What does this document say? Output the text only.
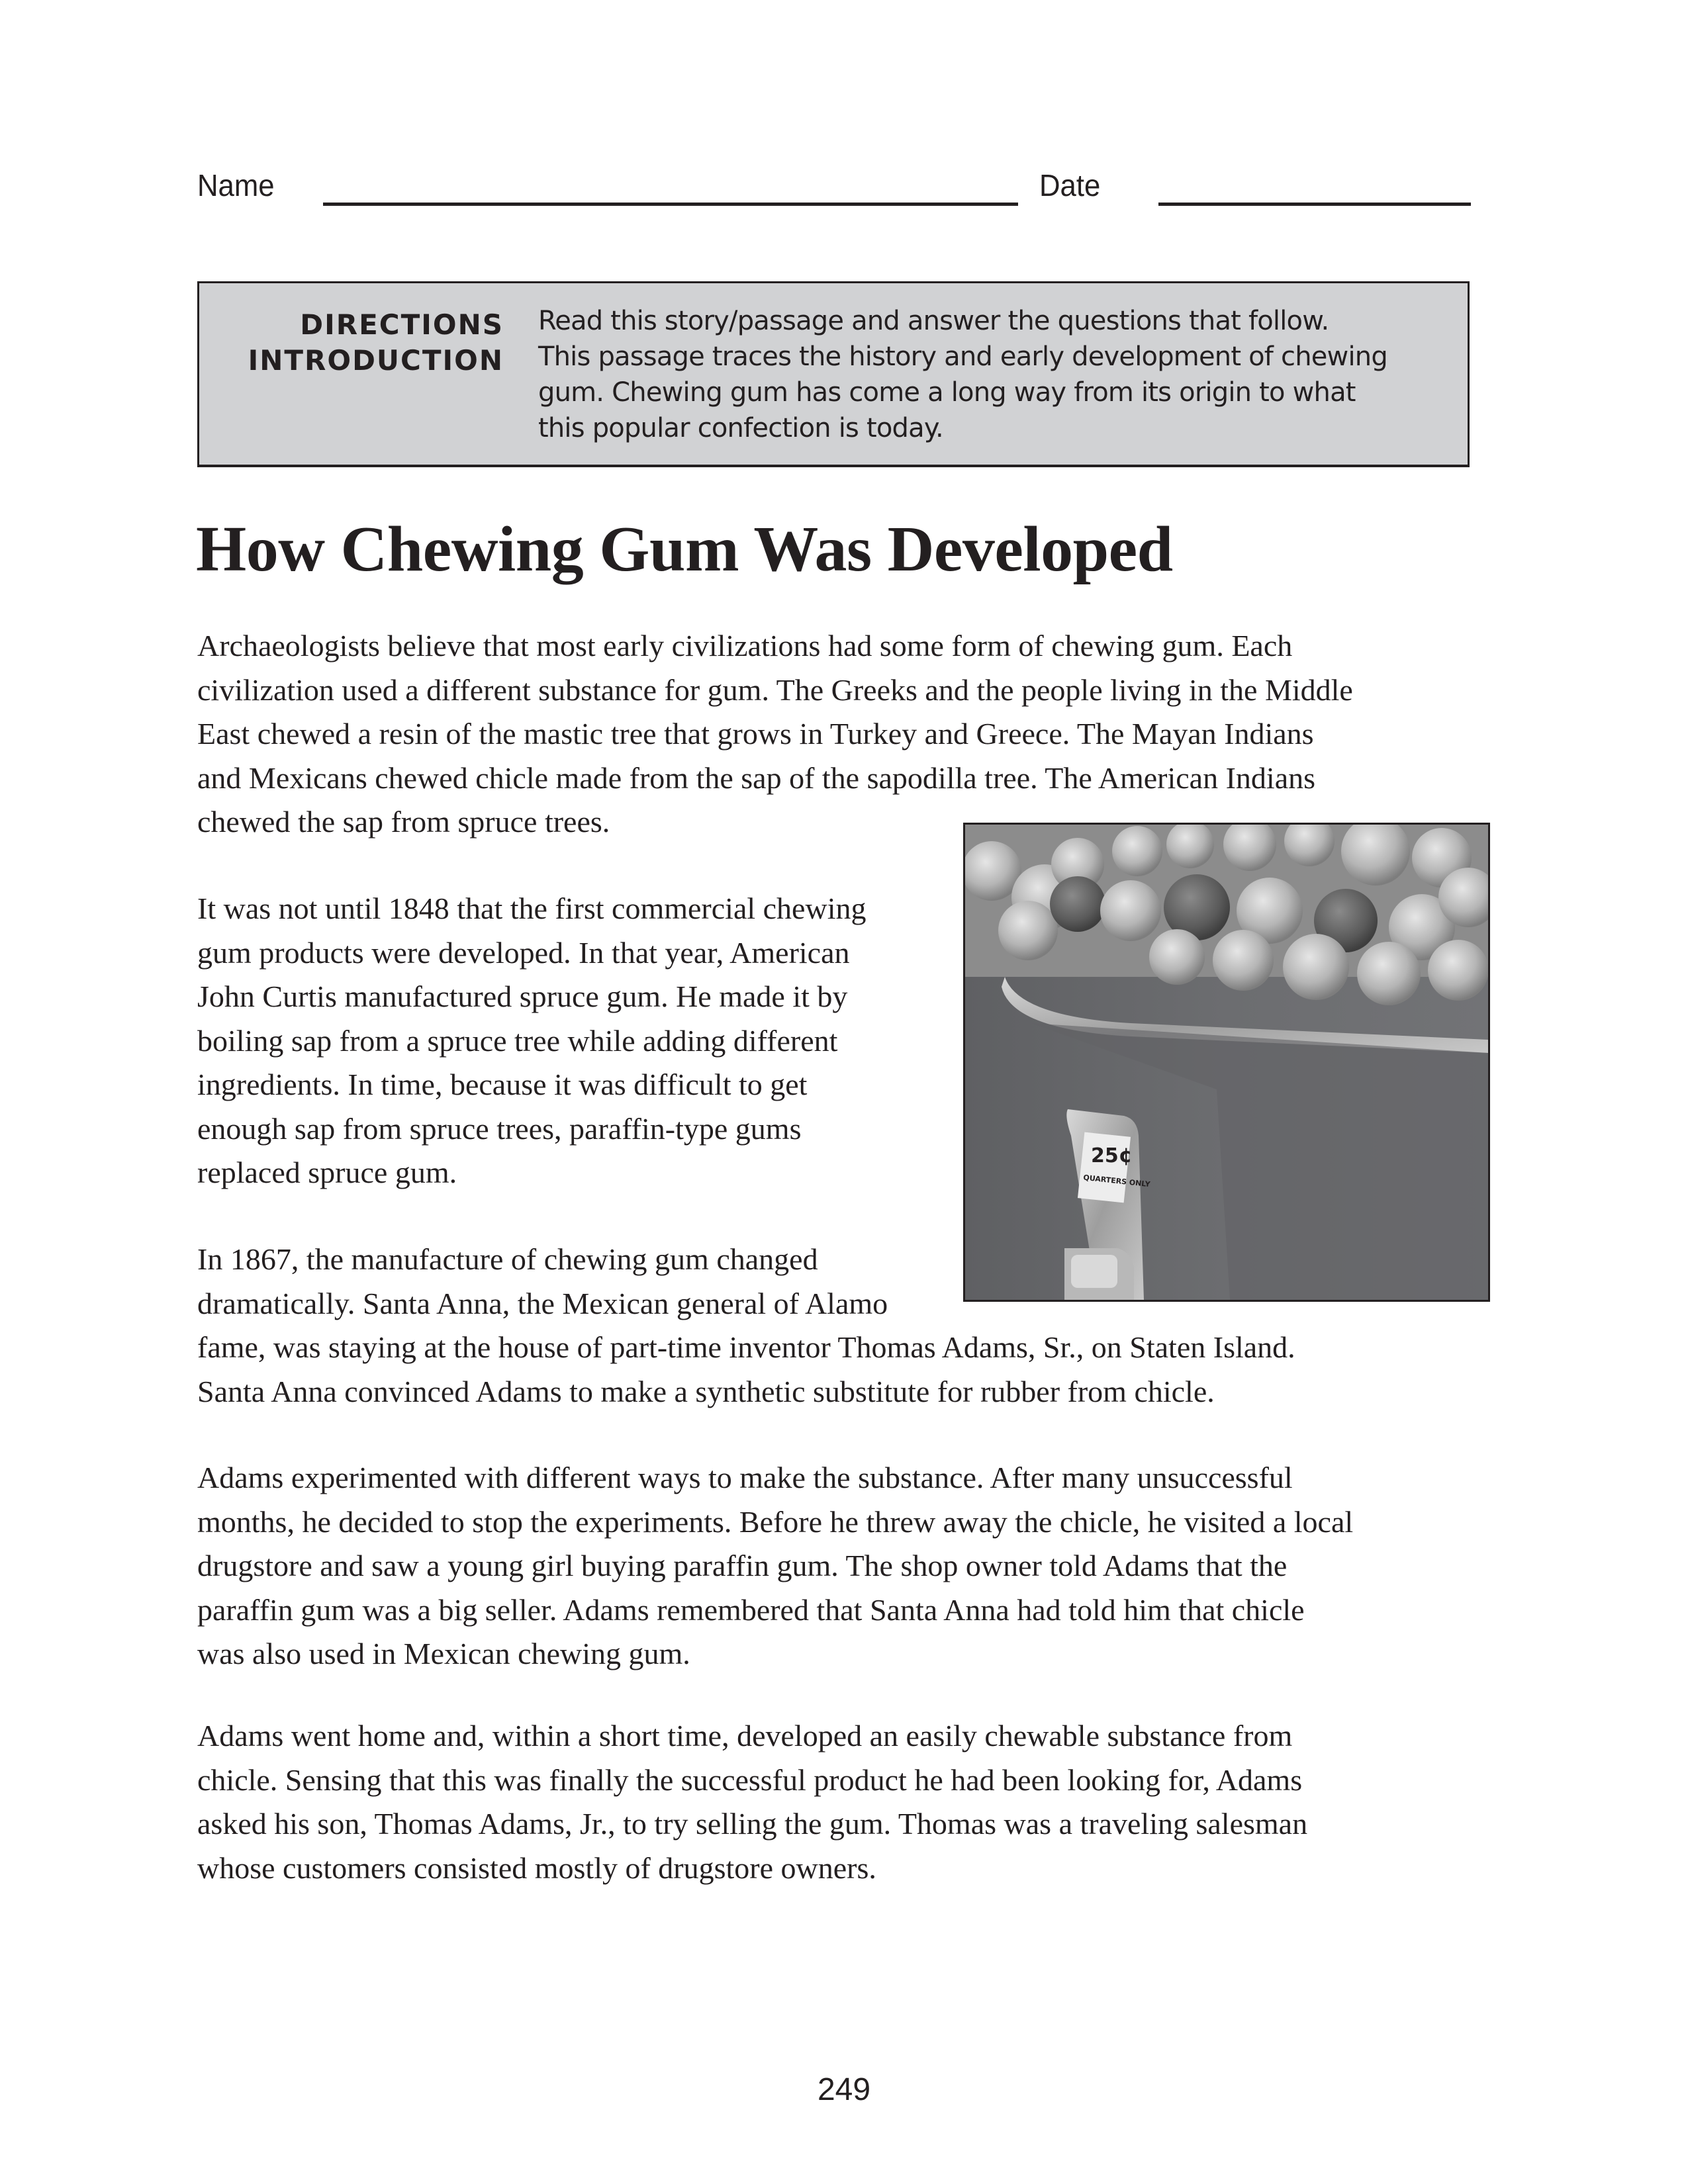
Name	Date
DIRECTIONS
INTRODUCTION
Read this story/passage and answer the questions that follow.
This passage traces the history and early development of chewing
gum. Chewing gum has come a long way from its origin to what
this popular confection is today.
How Chewing Gum Was Developed
Archaeologists believe that most early civilizations had some form of chewing gum. Each
civilization used a different substance for gum. The Greeks and the people living in the Middle
East chewed a resin of the mastic tree that grows in Turkey and Greece. The Mayan Indians
and Mexicans chewed chicle made from the sap of the sapodilla tree. The American Indians
chewed the sap from spruce trees.
It was not until 1848 that the first commercial chewing
gum products were developed. In that year, American
John Curtis manufactured spruce gum. He made it by
boiling sap from a spruce tree while adding different
ingredients. In time, because it was difficult to get
enough sap from spruce trees, paraffin-type gums
replaced spruce gum.	25¢
QUARTERS ONLY
In 1867, the manufacture of chewing gum changed
dramatically. Santa Anna, the Mexican general of Alamo
fame, was staying at the house of part-time inventor Thomas Adams, Sr., on Staten Island.
Santa Anna convinced Adams to make a synthetic substitute for rubber from chicle.
Adams experimented with different ways to make the substance. After many unsuccessful
months, he decided to stop the experiments. Before he threw away the chicle, he visited a local
drugstore and saw a young girl buying paraffin gum. The shop owner told Adams that the
paraffin gum was a big seller. Adams remembered that Santa Anna had told him that chicle
was also used in Mexican chewing gum.
Adams went home and, within a short time, developed an easily chewable substance from
chicle. Sensing that this was finally the successful product he had been looking for, Adams
asked his son, Thomas Adams, Jr., to try selling the gum. Thomas was a traveling salesman
whose customers consisted mostly of drugstore owners.
249
